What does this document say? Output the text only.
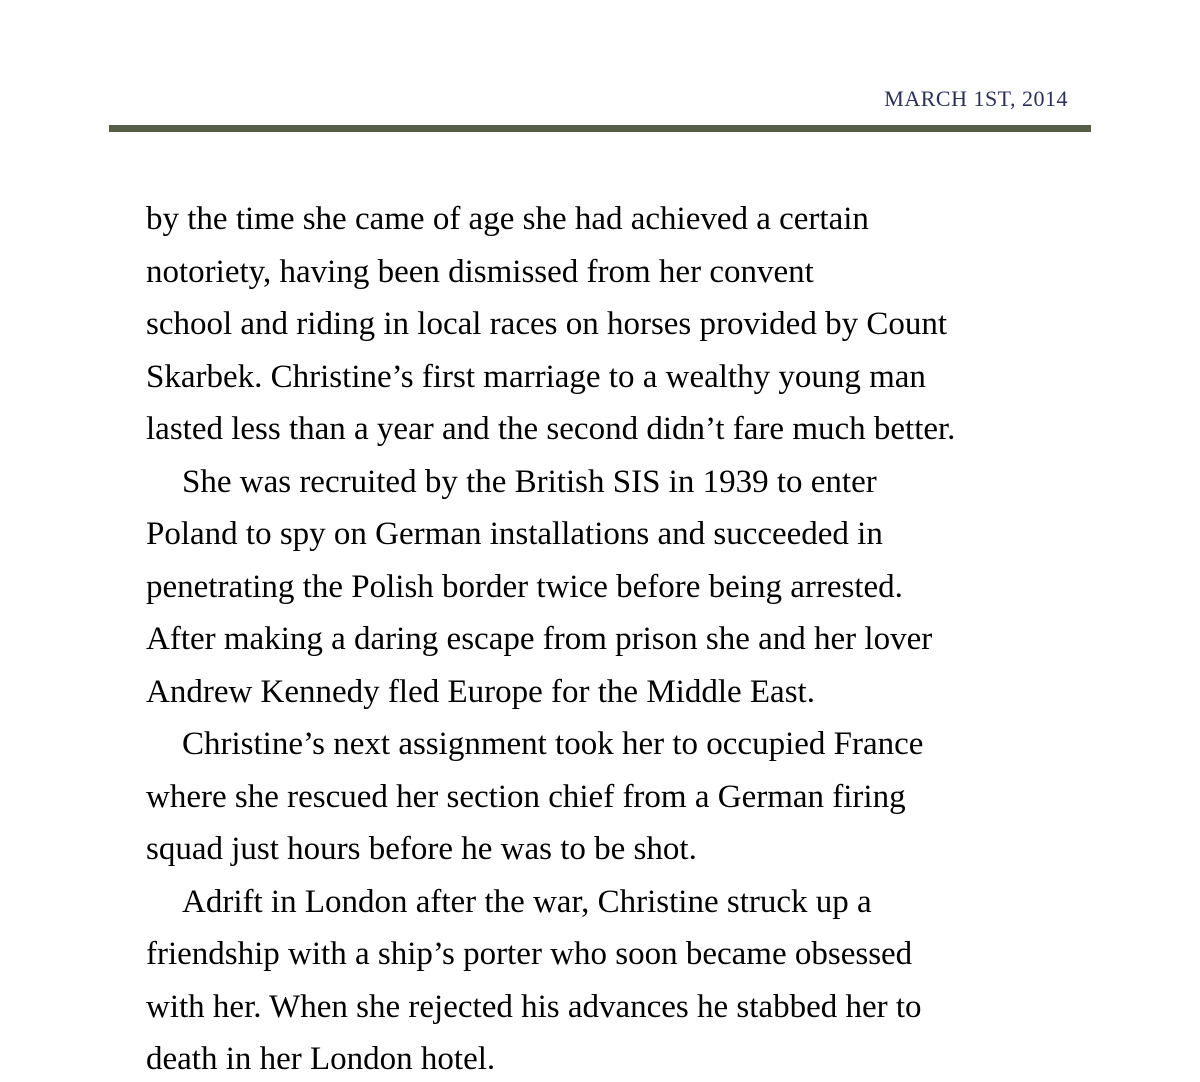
MARCH 1ST, 2014
by the time she came of age she had achieved a certain
notoriety, having been dismissed from her convent
school and riding in local races on horses provided by Count
Skarbek. Christine’s first marriage to a wealthy young man
lasted less than a year and the second didn’t fare much better.
She was recruited by the British SIS in 1939 to enter
Poland to spy on German installations and succeeded in
penetrating the Polish border twice before being arrested.
After making a daring escape from prison she and her lover
Andrew Kennedy fled Europe for the Middle East.
Christine’s next assignment took her to occupied France
where she rescued her section chief from a German firing
squad just hours before he was to be shot.
Adrift in London after the war, Christine struck up a
friendship with a ship’s porter who soon became obsessed
with her. When she rejected his advances he stabbed her to
death in her London hotel.
